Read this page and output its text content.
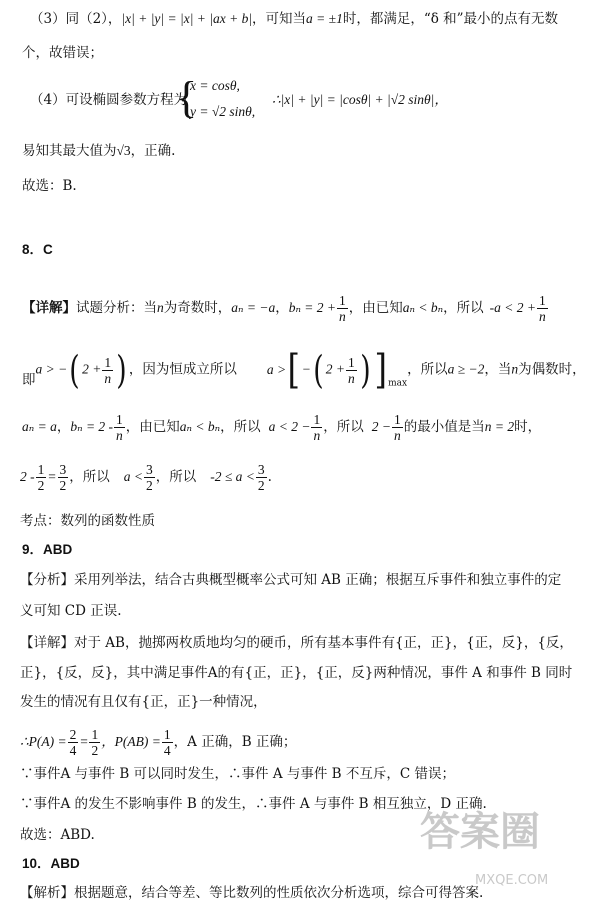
（3）同（2），|x| + |y| = |x| + |ax + b|，可知当a = ±1时，都满足，“δ 和”最小的点有无数
个，故错误；
（4）可设椭圆参数方程为
{
x = cosθ,
y = √2 sinθ,
∴|x| + |y| = |cosθ| + |√2 sinθ|，
易知其最大值为√3，正确.
故选：B.
8．C
【详解】试题分析：当n为奇数时，aₙ = −a，$b_n = 2 + \frac{1}{n}$ ，由已知aₙ < bₙ，所以 $-a < 2 + \frac{1}{n}$
即a > −( $2 + \frac{1}{n}$ ) ，因为恒成立所以 a >[ −( $2 + \frac{1}{n}$ )] $_{max}$，所以a ≥ −2，当n为偶数时，
aₙ = a，$b_n = 2 - \frac{1}{n}$ ，由已知aₙ < bₙ，所以 $a < 2 - \frac{1}{n}$ ，所以 $2 - \frac{1}{n}$ 的最小值是当n = 2时，
$2 - \frac{1}{2} = \frac{3}{2}$ ，所以 $a < \frac{3}{2}$ ，所以 $-2 \le a < \frac{3}{2}$ .
考点：数列的函数性质
9．ABD
【分析】采用列举法，结合古典概型概率公式可知 AB 正确；根据互斥事件和独立事件的定
义可知 CD 正误.
【详解】对于 AB，抛掷两枚质地均匀的硬币，所有基本事件有{正，正}，{正，反}，{反，
正}，{反，反}，其中满足事件A的有{正，正}，{正，反}两种情况，事件 A 和事件 B 同时
发生的情况有且仅有{正，正}一种情况，
∴P(A) = $\frac{2}{4} = \frac{1}{2}$ ，$P(AB) = \frac{1}{4}$ ，A 正确，B 正确；
∵事件A 与事件 B 可以同时发生，∴事件 A 与事件 B 不互斥，C 错误；
∵事件A 的发生不影响事件 B 的发生，∴事件 A 与事件 B 相互独立，D 正确.
故选：ABD.
10．ABD
【解析】根据题意，结合等差、等比数列的性质依次分析选项，综合可得答案.
答案圈
MXQE.COM
